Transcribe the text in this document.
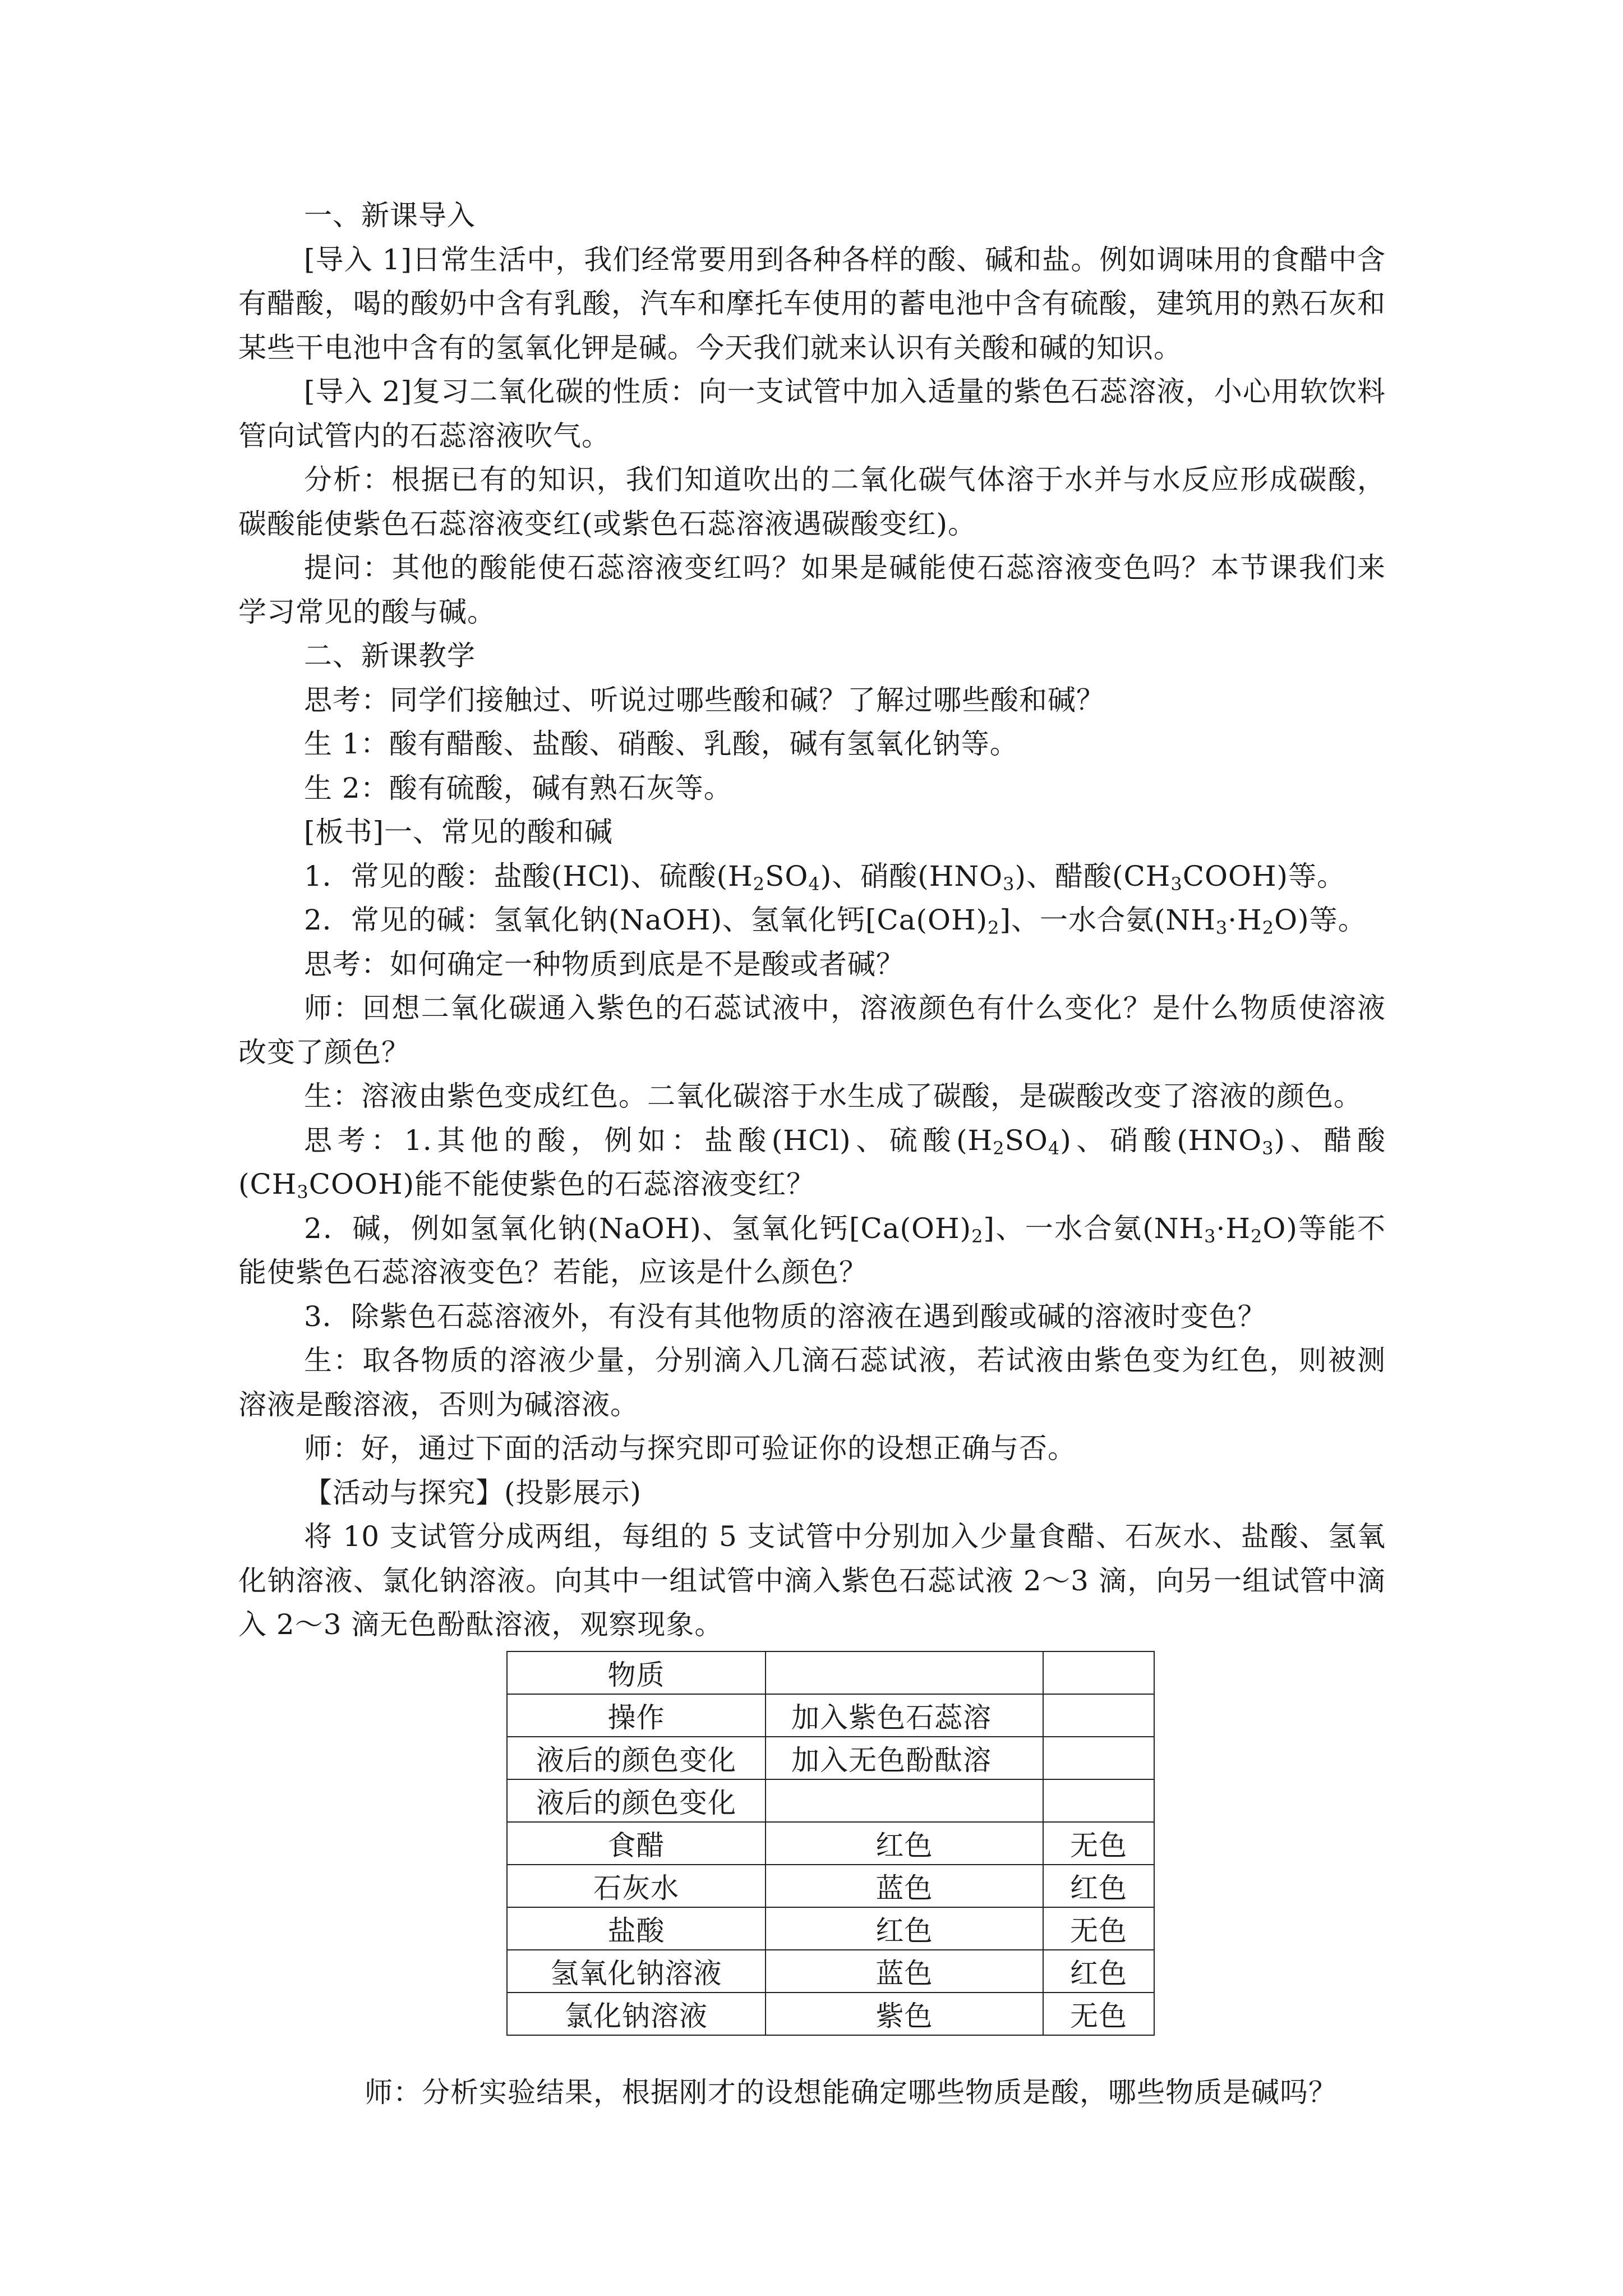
一、新课导入

[导入 1]日常生活中，我们经常要用到各种各样的酸、碱和盐。例如调味用的食醋中含有醋酸，喝的酸奶中含有乳酸，汽车和摩托车使用的蓄电池中含有硫酸，建筑用的熟石灰和某些干电池中含有的氢氧化钾是碱。今天我们就来认识有关酸和碱的知识。

[导入 2]复习二氧化碳的性质：向一支试管中加入适量的紫色石蕊溶液，小心用软饮料管向试管内的石蕊溶液吹气。

分析：根据已有的知识，我们知道吹出的二氧化碳气体溶于水并与水反应形成碳酸，碳酸能使紫色石蕊溶液变红(或紫色石蕊溶液遇碳酸变红)。

提问：其他的酸能使石蕊溶液变红吗？如果是碱能使石蕊溶液变色吗？本节课我们来学习常见的酸与碱。

二、新课教学

思考：同学们接触过、听说过哪些酸和碱？了解过哪些酸和碱？

生 1：酸有醋酸、盐酸、硝酸、乳酸，碱有氢氧化钠等。

生 2：酸有硫酸，碱有熟石灰等。

[板书]一、常见的酸和碱

1．常见的酸：盐酸(HCl)、硫酸$(H_2SO_4)$、硝酸$(HNO_3)$、醋酸$(CH_3COOH)$等。

2．常见的碱：氢氧化钠(NaOH)、氢氧化钙$[Ca(OH)_2]$、一水合氨$(NH_3\cdot H_2O)$等。

思考：如何确定一种物质到底是不是酸或者碱？

师：回想二氧化碳通入紫色的石蕊试液中，溶液颜色有什么变化？是什么物质使溶液改变了颜色？

生：溶液由紫色变成红色。二氧化碳溶于水生成了碳酸，是碳酸改变了溶液的颜色。

思考：1.其他的酸，例如：盐酸(HCl)、硫酸$(H_2SO_4)$、硝酸$(HNO_3)$、醋酸$(CH_3COOH)$能不能使紫色的石蕊溶液变红？

2．碱，例如氢氧化钠(NaOH)、氢氧化钙$[Ca(OH)_2]$、一水合氨$(NH_3\cdot H_2O)$等能不能使紫色石蕊溶液变色？若能，应该是什么颜色？

3．除紫色石蕊溶液外，有没有其他物质的溶液在遇到酸或碱的溶液时变色？

生：取各物质的溶液少量，分别滴入几滴石蕊试液，若试液由紫色变为红色，则被测溶液是酸溶液，否则为碱溶液。

师：好，通过下面的活动与探究即可验证你的设想正确与否。

【活动与探究】(投影展示)

将 10 支试管分成两组，每组的 5 支试管中分别加入少量食醋、石灰水、盐酸、氢氧化钠溶液、氯化钠溶液。向其中一组试管中滴入紫色石蕊试液 2～3 滴，向另一组试管中滴入 2～3 滴无色酚酞溶液，观察现象。

物质		
操作	加入紫色石蕊溶	
液后的颜色变化	加入无色酚酞溶	
液后的颜色变化		
食醋	红色	无色
石灰水	蓝色	红色
盐酸	红色	无色
氢氧化钠溶液	蓝色	红色
氯化钠溶液	紫色	无色

师：分析实验结果，根据刚才的设想能确定哪些物质是酸，哪些物质是碱吗？
